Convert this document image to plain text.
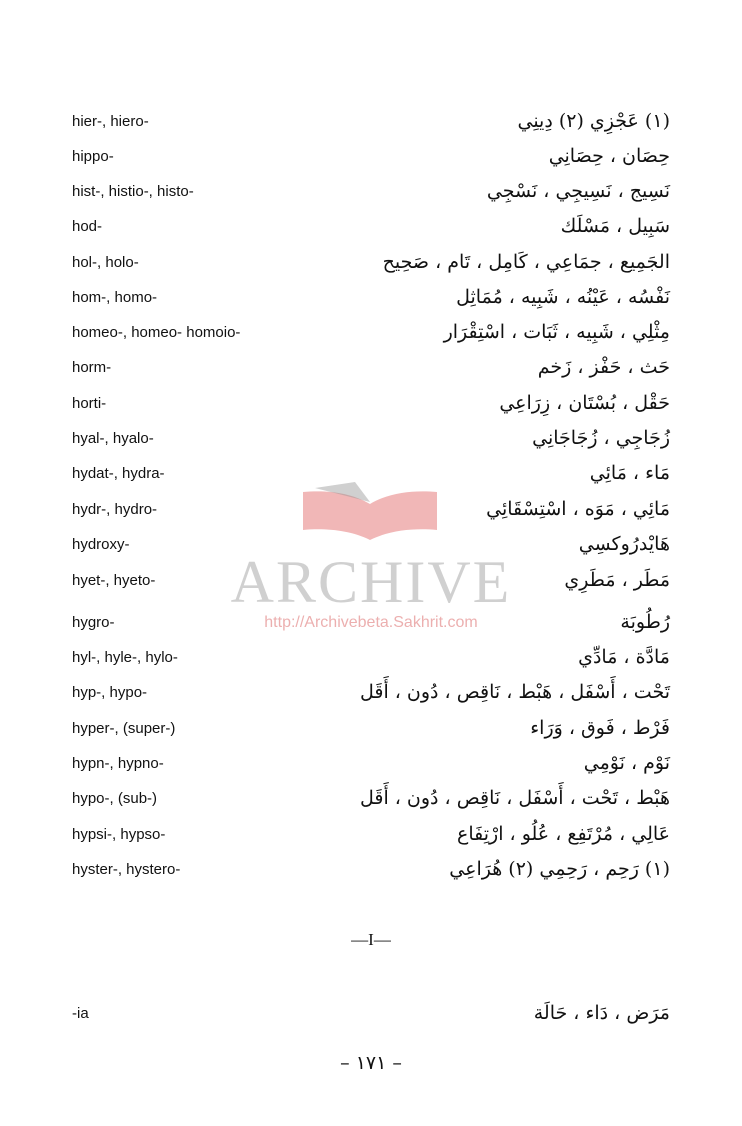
hier-, hiero-	(١) عَجْزِي (٢) دِينِي
hippo-	حِصَان ، حِصَانِي
hist-, histio-, histo-	نَسِيج ، نَسِيجِي ، نَسْجِي
hod-	سَبِيل ، مَسْلَك
hol-, holo-	الجَمِيع ، جمَاعِي ، كَامِل ، تَام ، صَحِيح
hom-, homo-	نَفْسُه ، عَيْنُه ، شَبِيه ، مُمَاثِل
homeo-, homeo- homoio-	مِثْلِي ، شَبِيه ، ثَبَات ، اسْتِقْرَار
horm-	حَث ، حَفْز ، زَخم
horti-	حَقْل ، بُسْتَان ، زِرَاعِي
hyal-, hyalo-	زُجَاجِي ، زُجَاجَانِي
hydat-, hydra-	مَاء ، مَائِي
hydr-, hydro-	مَائِي ، مَوَه ، اسْتِسْقَائِي
hydroxy-	هَايْدرُوكسِي
hyet-, hyeto-	مَطَر ، مَطَرِي
hygro-	رُطُوبَة
hyl-, hyle-, hylo-	مَادَّة ، مَادِّي
hyp-, hypo-	تَحْت ، أَسْفَل ، هَبْط ، نَاقِص ، دُون ، أَقَل
hyper-, (super-)	فَرْط ، فَوق ، وَرَاء
hypn-, hypno-	نَوْم ، نَوْمِي
hypo-, (sub-)	هَبْط ، تَحْت ، أَسْفَل ، نَاقِص ، دُون ، أَقَل
hypsi-, hypso-	عَالِي ، مُرْتَفِع ، عُلُو ، ارْتِفَاع
hyster-, hystero-	(١) رَحِم ، رَحِمِي (٢) هُرَاعِي
—I—
-ia	مَرَض ، دَاء ، حَالَة
– ١٧١ –
ARCHIVE
http://Archivebeta.Sakhrit.com
